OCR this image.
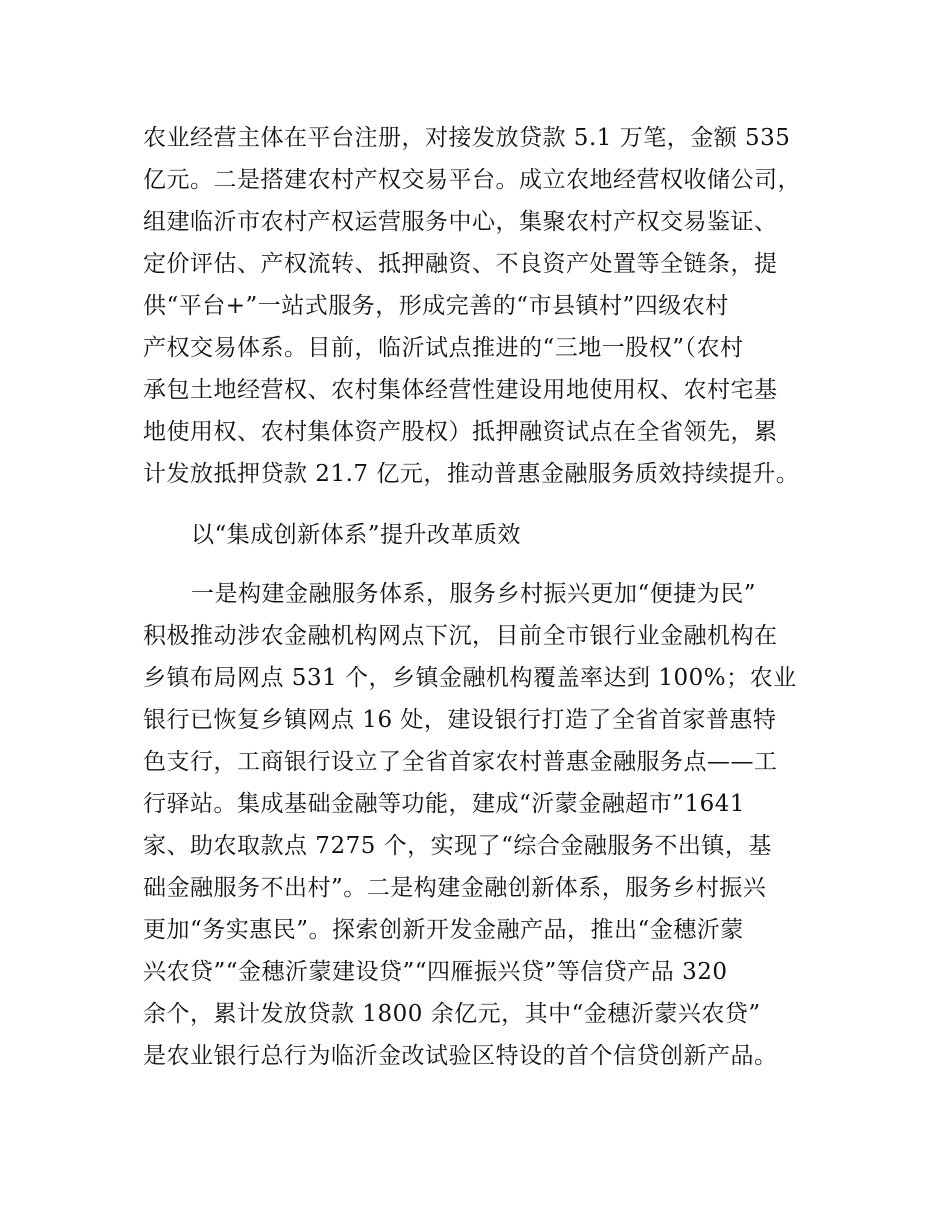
农业经营主体在平台注册，对接发放贷款 5.1 万笔，金额 535
亿元。二是搭建农村产权交易平台。成立农地经营权收储公司，
组建临沂市农村产权运营服务中心，集聚农村产权交易鉴证、
定价评估、产权流转、抵押融资、不良资产处置等全链条，提
供“平台+”一站式服务，形成完善的“市县镇村”四级农村
产权交易体系。目前，临沂试点推进的“三地一股权”（农村
承包土地经营权、农村集体经营性建设用地使用权、农村宅基
地使用权、农村集体资产股权）抵押融资试点在全省领先，累
计发放抵押贷款 21.7 亿元，推动普惠金融服务质效持续提升。
以“集成创新体系”提升改革质效
一是构建金融服务体系，服务乡村振兴更加“便捷为民”
积极推动涉农金融机构网点下沉，目前全市银行业金融机构在
乡镇布局网点 531 个，乡镇金融机构覆盖率达到 100%；农业
银行已恢复乡镇网点 16 处，建设银行打造了全省首家普惠特
色支行，工商银行设立了全省首家农村普惠金融服务点——工
行驿站。集成基础金融等功能，建成“沂蒙金融超市”1641
家、助农取款点 7275 个，实现了“综合金融服务不出镇，基
础金融服务不出村”。二是构建金融创新体系，服务乡村振兴
更加“务实惠民”。探索创新开发金融产品，推出“金穗沂蒙
兴农贷”“金穗沂蒙建设贷”“四雁振兴贷”等信贷产品 320
余个，累计发放贷款 1800 余亿元，其中“金穗沂蒙兴农贷”
是农业银行总行为临沂金改试验区特设的首个信贷创新产品。
